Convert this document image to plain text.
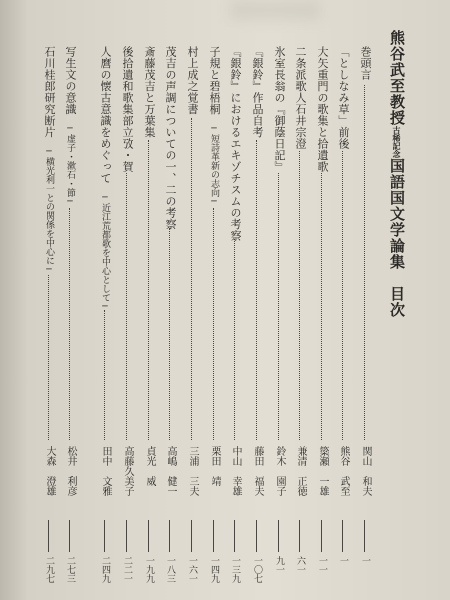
熊谷武至教授古稀記念国語国文学論集　目次
巻頭言
関山　和夫
一
「としなみ草」前後
熊谷　武至
一
大矢重門の歌集と拾遺歌
簗瀬　一雄
一一
二条派歌人石井宗澄
兼清　正徳
六一
氷室長翁の『御蔭日記』
鈴木　園子
九一
『銀鈴』作品自考
藤田　福夫
一〇七
『銀鈴』におけるエキゾチスムの考察
中山　幸雄
一三九
子規と碧梧桐　─短詩革新の志向─
栗田　靖
一四九
村上成之覚書
三浦　三夫
一六一
茂吉の声調についての一、二の考察
高嶋　健一
一八三
斎藤茂吉と万葉集
貞光　威
一九九
後拾遺和歌集部立攷・賀
高藤久美子
二二一
人麿の懐古意識をめぐって　─近江荒都歌を中心として─
田中　文雅
二四九
写生文の意識　─虚子・漱石・節─
松井　利彦
二七三
石川桂郎研究断片　─横光利一との関係を中心に─
大森　澄雄
二九七
